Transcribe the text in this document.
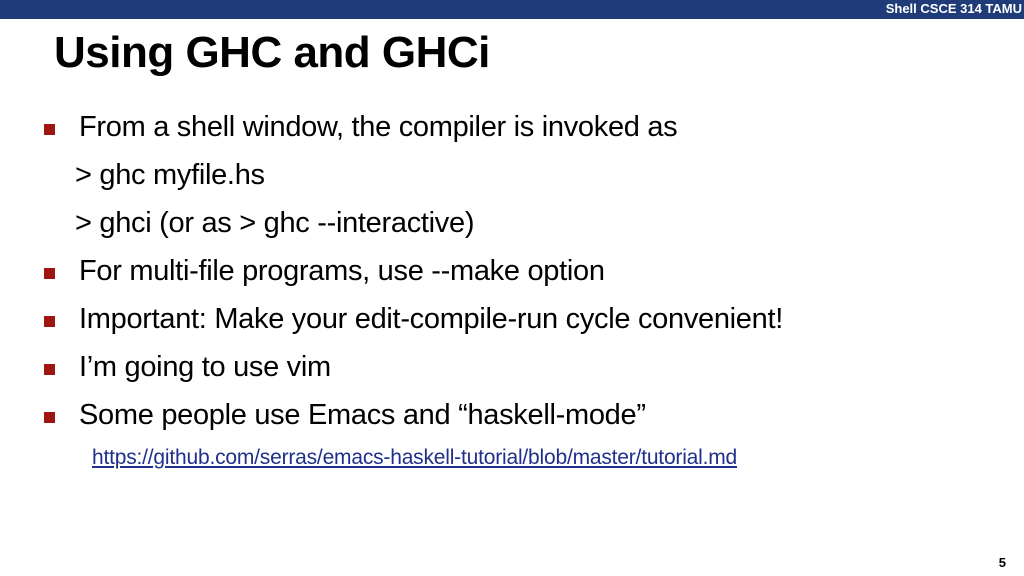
Shell CSCE 314 TAMU
Using GHC and GHCi
From a shell window, the compiler is invoked as
> ghc myfile.hs
> ghci (or as > ghc --interactive)
For multi-file programs, use --make option
Important: Make your edit-compile-run cycle convenient!
I’m going to use vim
Some people use Emacs and “haskell-mode”
https://github.com/serras/emacs-haskell-tutorial/blob/master/tutorial.md
5
